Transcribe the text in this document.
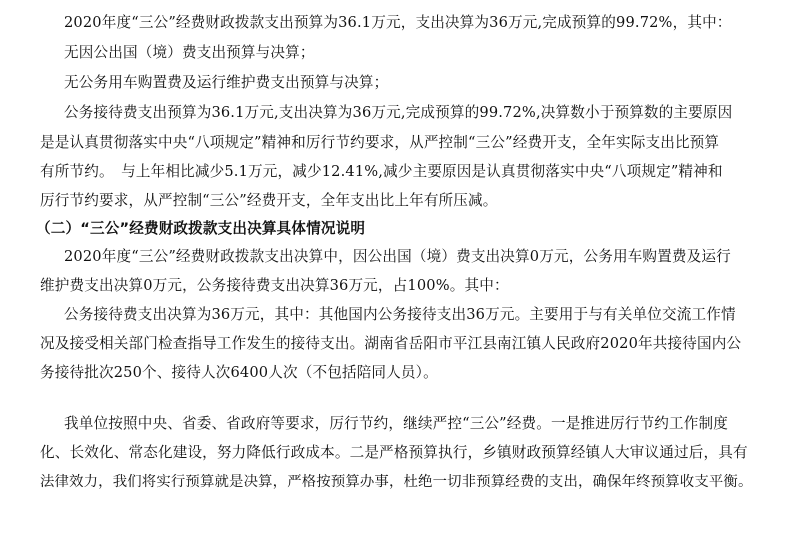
2020年度“三公”经费财政拨款支出预算为36.1万元，支出决算为36万元,完成预算的99.72%，其中：
无因公出国（境）费支出预算与决算；
无公务用车购置费及运行维护费支出预算与决算；
公务接待费支出预算为36.1万元,支出决算为36万元,完成预算的99.72%,决算数小于预算数的主要原因
是是认真贯彻落实中央“八项规定”精神和厉行节约要求，从严控制“三公”经费开支，全年实际支出比预算
有所节约。　与上年相比减少5.1万元，减少12.41%,减少主要原因是认真贯彻落实中央“八项规定”精神和
厉行节约要求，从严控制“三公”经费开支，全年支出比上年有所压减。
（二）“三公”经费财政拨款支出决算具体情况说明
2020年度“三公”经费财政拨款支出决算中，因公出国（境）费支出决算0万元，公务用车购置费及运行
维护费支出决算0万元，公务接待费支出决算36万元，占100%。其中：
公务接待费支出决算为36万元，其中：其他国内公务接待支出36万元。主要用于与有关单位交流工作情
况及接受相关部门检查指导工作发生的接待支出。湖南省岳阳市平江县南江镇人民政府2020年共接待国内公
务接待批次250个、接待人次6400人次（不包括陪同人员）。
我单位按照中央、省委、省政府等要求，厉行节约，继续严控“三公”经费。一是推进厉行节约工作制度
化、长效化、常态化建设，努力降低行政成本。二是严格预算执行，乡镇财政预算经镇人大审议通过后，具有
法律效力，我们将实行预算就是决算，严格按预算办事，杜绝一切非预算经费的支出，确保年终预算收支平衡。
